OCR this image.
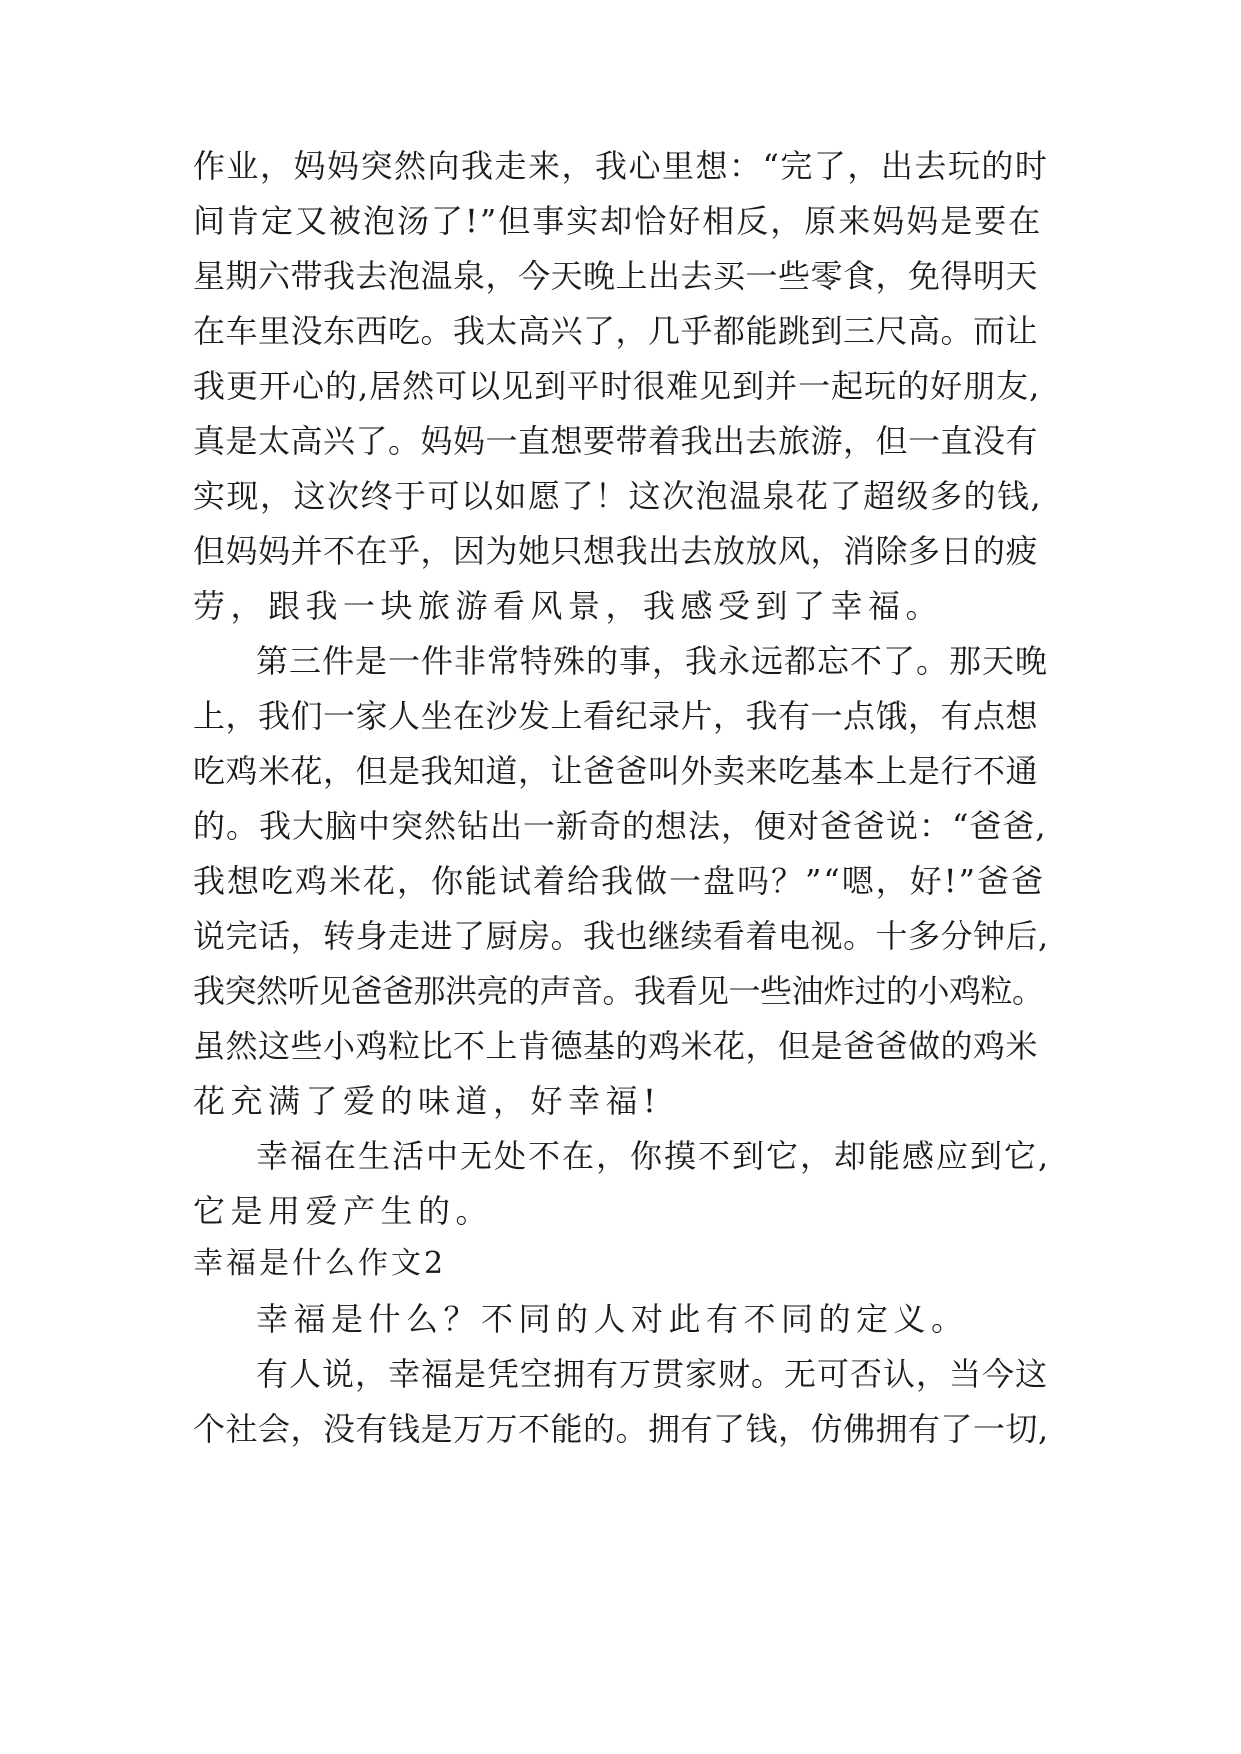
作业，妈妈突然向我走来，我心里想：“完了，出去玩的时
间肯定又被泡汤了!”但事实却恰好相反，原来妈妈是要在
星期六带我去泡温泉，今天晚上出去买一些零食，免得明天
在车里没东西吃。我太高兴了，几乎都能跳到三尺高。而让
我更开心的,居然可以见到平时很难见到并一起玩的好朋友,
真是太高兴了。妈妈一直想要带着我出去旅游，但一直没有
实现，这次终于可以如愿了！这次泡温泉花了超级多的钱,
但妈妈并不在乎，因为她只想我出去放放风，消除多日的疲
劳，跟我一块旅游看风景，我感受到了幸福。
第三件是一件非常特殊的事，我永远都忘不了。那天晚
上，我们一家人坐在沙发上看纪录片，我有一点饿，有点想
吃鸡米花，但是我知道，让爸爸叫外卖来吃基本上是行不通
的。我大脑中突然钻出一新奇的想法，便对爸爸说：“爸爸,
我想吃鸡米花，你能试着给我做一盘吗？”“嗯，好!”爸爸
说完话，转身走进了厨房。我也继续看着电视。十多分钟后,
我突然听见爸爸那洪亮的声音。我看见一些油炸过的小鸡粒。
虽然这些小鸡粒比不上肯德基的鸡米花，但是爸爸做的鸡米
花充满了爱的味道，好幸福!
幸福在生活中无处不在，你摸不到它，却能感应到它,
它是用爱产生的。
幸福是什么作文2
幸福是什么？不同的人对此有不同的定义。
有人说，幸福是凭空拥有万贯家财。无可否认，当今这
个社会，没有钱是万万不能的。拥有了钱，仿佛拥有了一切,
